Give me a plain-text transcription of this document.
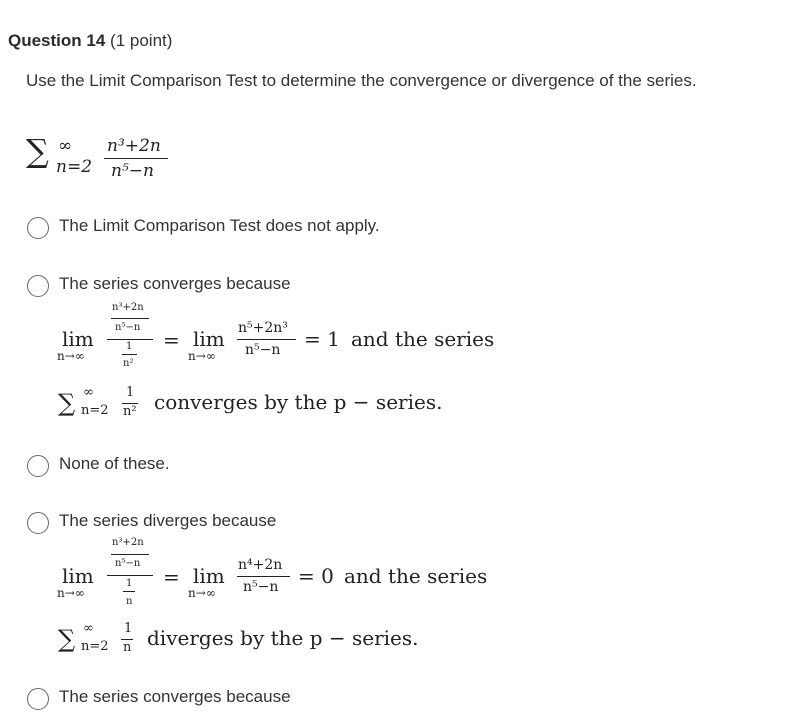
Question 14 (1 point)
Use the Limit Comparison Test to determine the convergence or divergence of the series.
∑ ∞
n=2
n³+2n
n⁵−n
The Limit Comparison Test does not apply.
The series converges because
lim
n→∞
n³+2n
n⁵−n
1
n²
= lim
n→∞
n⁵+2n³
n⁵−n = 1 and the series
∑ ∞
n=2
1
n² converges by the p − series.
None of these.
The series diverges because
lim
n→∞
n³+2n
n⁵−n
1
n
= lim
n→∞
n⁴+2n
n⁵−n = 0 and the series
∑ ∞
n=2
1
n diverges by the p − series.
The series converges because
